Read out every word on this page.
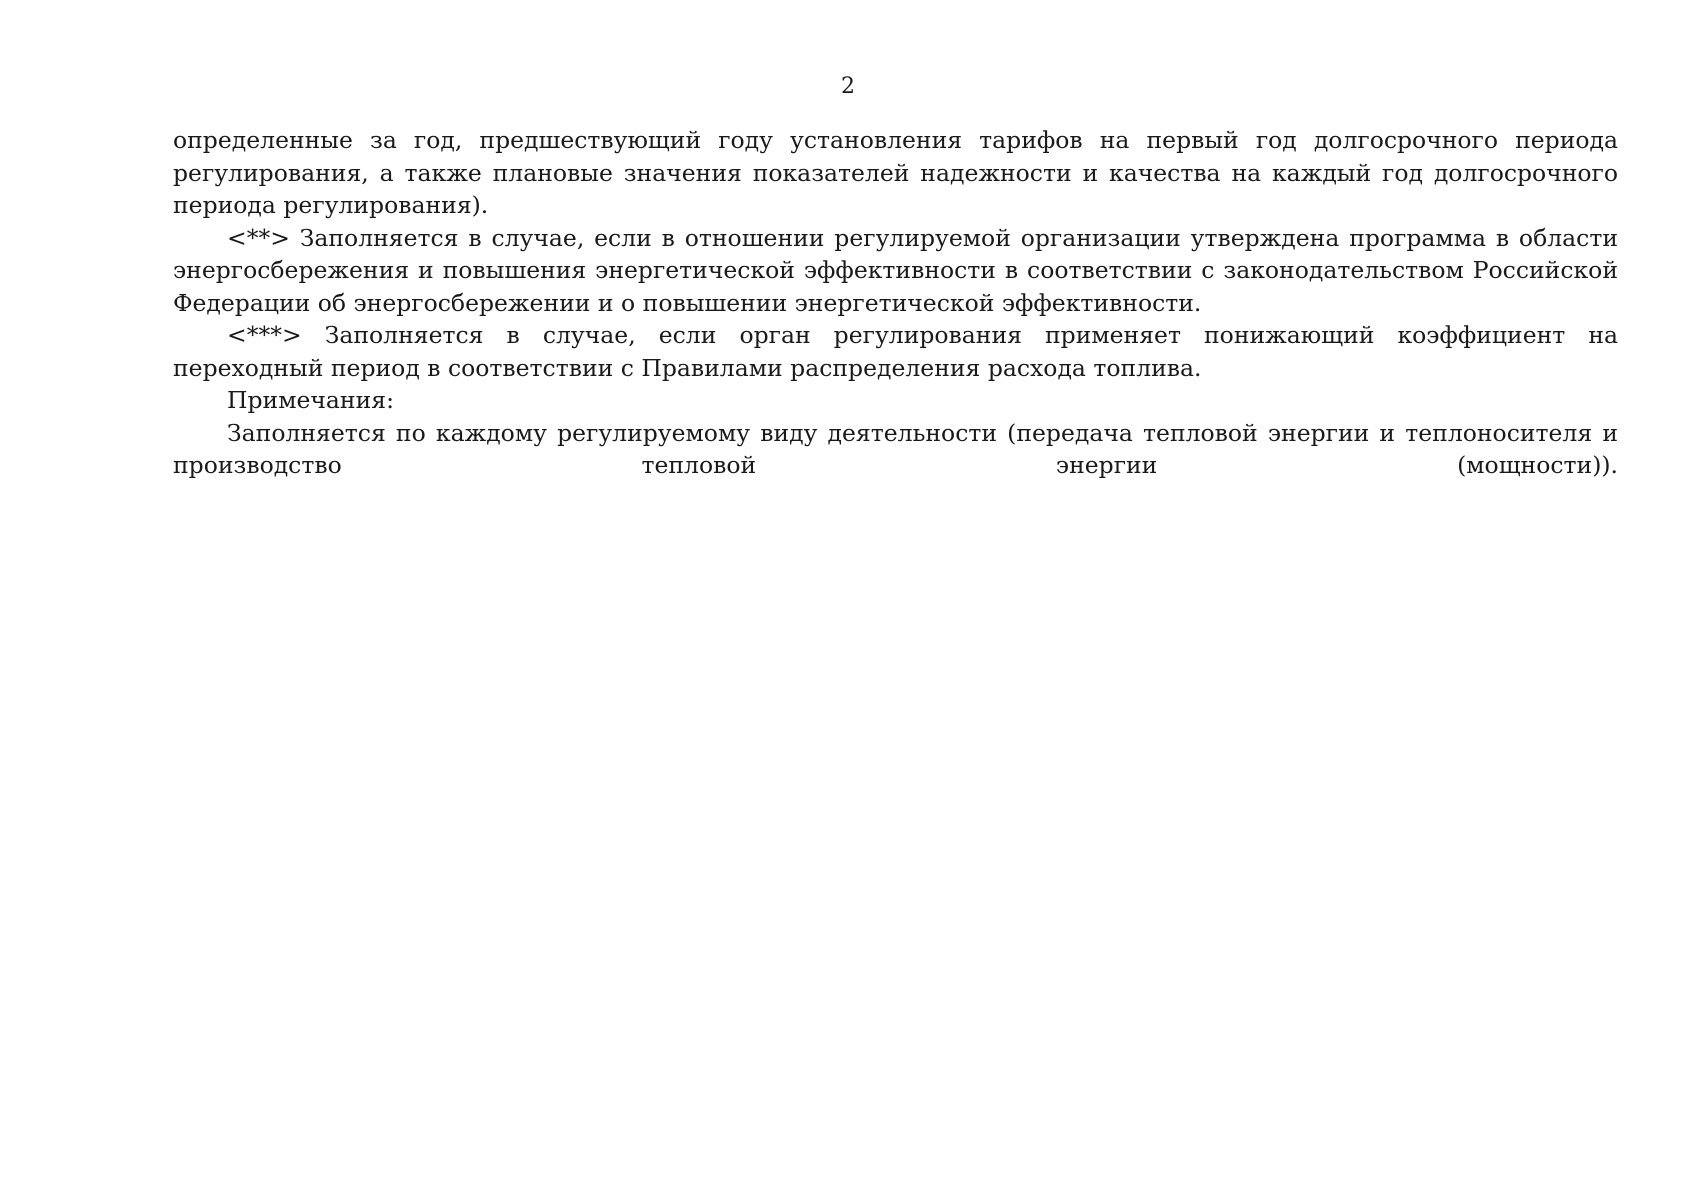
2

определенные за год, предшествующий году установления тарифов на первый год долгосрочного периода регулирования, а также плановые значения показателей надежности и качества на каждый год долгосрочного периода регулирования).

<**> Заполняется в случае, если в отношении регулируемой организации утверждена программа в области энергосбережения и повышения энергетической эффективности в соответствии с законодательством Российской Федерации об энергосбережении и о повышении энергетической эффективности.

<***> Заполняется в случае, если орган регулирования применяет понижающий коэффициент на переходный период в соответствии с Правилами распределения расхода топлива.

Примечания:

Заполняется по каждому регулируемому виду деятельности (передача тепловой энергии и теплоносителя и производство тепловой энергии (мощности)).
